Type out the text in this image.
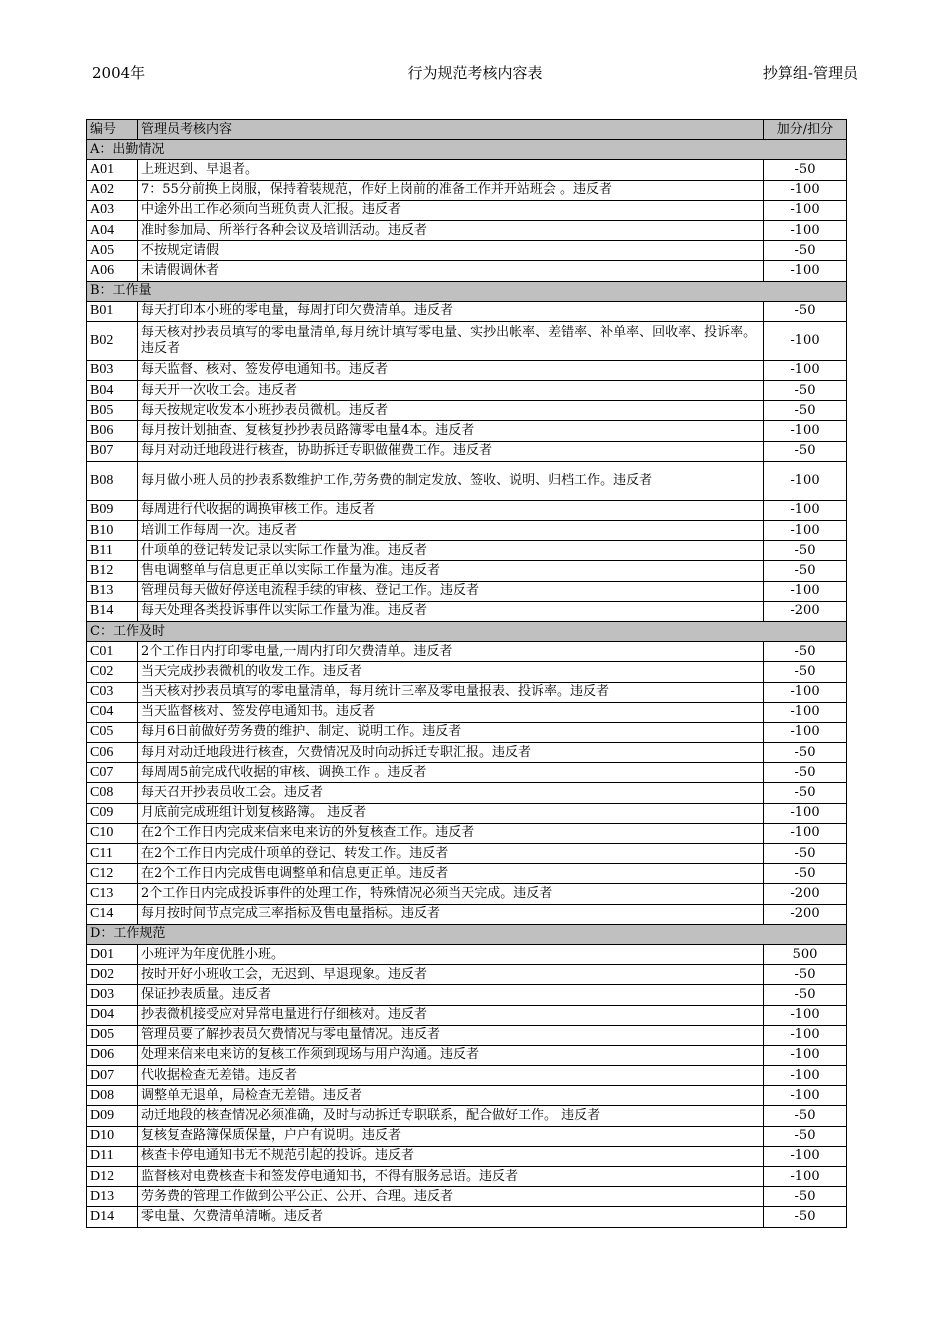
2004年	行为规范考核内容表	抄算组-管理员
编号	管理员考核内容	加分/扣分
A：出勤情况		
A01	上班迟到、早退者。	-50
A02	7：55分前换上岗服，保持着装规范，作好上岗前的准备工作并开站班会 。违反者	-100
A03	中途外出工作必须向当班负责人汇报。违反者	-100
A04	准时参加局、所举行各种会议及培训活动。违反者	-100
A05	不按规定请假	-50
A06	未请假调休者	-100
B：工作量		
B01	每天打印本小班的零电量，每周打印欠费清单。违反者	-50
B02	每天核对抄表员填写的零电量清单,每月统计填写零电量、实抄出帐率、差错率、补单率、回收率、投诉率。违反者	-100
B03	每天监督、核对、签发停电通知书。违反者	-100
B04	每天开一次收工会。违反者	-50
B05	每天按规定收发本小班抄表员微机。违反者	-50
B06	每月按计划抽查、复核复抄抄表员路簿零电量4本。违反者	-100
B07	每月对动迁地段进行核查，协助拆迁专职做催费工作。违反者	-50
B08	每月做小班人员的抄表系数维护工作,劳务费的制定发放、签收、说明、归档工作。违反者	-100
B09	每周进行代收据的调换审核工作。违反者	-100
B10	培训工作每周一次。违反者	-100
B11	什项单的登记转发记录以实际工作量为准。违反者	-50
B12	售电调整单与信息更正单以实际工作量为准。违反者	-50
B13	管理员每天做好停送电流程手续的审核、登记工作。违反者	-100
B14	每天处理各类投诉事件以实际工作量为准。违反者	-200
C：工作及时		
C01	2个工作日内打印零电量,一周内打印欠费清单。违反者	-50
C02	当天完成抄表微机的收发工作。违反者	-50
C03	当天核对抄表员填写的零电量清单，每月统计三率及零电量报表、投诉率。违反者	-100
C04	当天监督核对、签发停电通知书。违反者	-100
C05	每月6日前做好劳务费的维护、制定、说明工作。违反者	-100
C06	每月对动迁地段进行核查，欠费情况及时向动拆迁专职汇报。违反者	-50
C07	每周周5前完成代收据的审核、调换工作 。违反者	-50
C08	每天召开抄表员收工会。违反者	-50
C09	月底前完成班组计划复核路簿。 违反者	-100
C10	在2个工作日内完成来信来电来访的外复核查工作。违反者	-100
C11	在2个工作日内完成什项单的登记、转发工作。违反者	-50
C12	在2个工作日内完成售电调整单和信息更正单。违反者	-50
C13	2个工作日内完成投诉事件的处理工作，特殊情况必须当天完成。违反者	-200
C14	每月按时间节点完成三率指标及售电量指标。违反者	-200
D：工作规范		
D01	小班评为年度优胜小班。	500
D02	按时开好小班收工会，无迟到、早退现象。违反者	-50
D03	保证抄表质量。违反者	-50
D04	抄表微机接受应对异常电量进行仔细核对。违反者	-100
D05	管理员要了解抄表员欠费情况与零电量情况。违反者	-100
D06	处理来信来电来访的复核工作须到现场与用户沟通。违反者	-100
D07	代收据检查无差错。违反者	-100
D08	调整单无退单，局检查无差错。违反者	-100
D09	动迁地段的核查情况必须准确，及时与动拆迁专职联系，配合做好工作。 违反者	-50
D10	复核复查路簿保质保量，户户有说明。违反者	-50
D11	核查卡停电通知书无不规范引起的投诉。违反者	-100
D12	监督核对电费核查卡和签发停电通知书，不得有服务忌语。违反者	-100
D13	劳务费的管理工作做到公平公正、公开、合理。违反者	-50
D14	零电量、欠费清单清晰。违反者	-50
